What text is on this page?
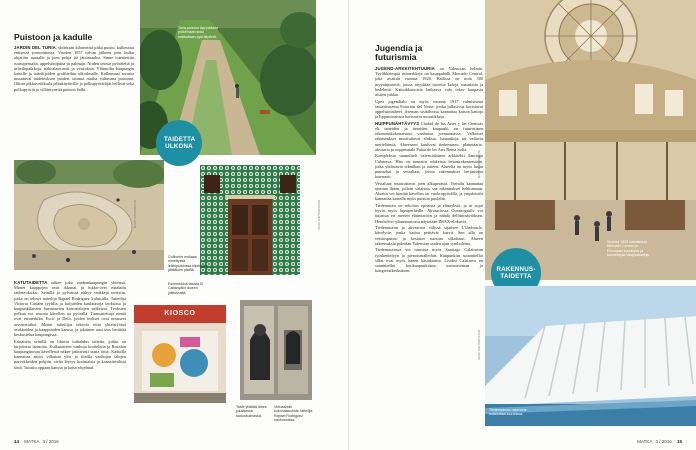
Puistoon ja kadulle

JARDÍN DEL TURIA, yhdeksän kilometriä pitkä puisto, kulkeutuu entisessä joenuomassa. Vuoden 1957 tulvan jälkeen joen kulku ohjattiin muualle ja joen pohja jäi jättömaaksi. Sinne toteutettiin ruusupensaita, appelsiinipuita ja palmuja. Niiden seassa pyöräteitä ja urheilupaikkoja, näköalaterassit ja veistoksia. Ylätasolta kaupungin katuille ja taiteilijoiden graffiteihin ulkoilmalle. Kulkumaat sorassa muuttuvat taideteoksen puiden, tainnut muilta valtavana puistona. Ohitse pikkuveikkuila jalkakäytäville ja polkupyöräilijät hellivät sekä polkupyöriä ja villiintyneitä puiston halki.

Turia-puiston läpi pääsee polkemaan koko matkaltaan pyöräilytietä.
TAIDETTA ULKONA
Gulliverin mukaan nimettyssä leikkipuistossa kiipeilijän jättiläisen päällä.
Esimerkkinä talosta El Cabanyalin alueen julkisivusta.

KATUTAIDETTA näkee joka vanhankaupungin yhteissä. Monet kauppojen ovat ikkunat ja lukko-ovet maalattu taideteoksiksi. Seinillä ja pylväissä näkyy vinkkejä teoksiin, jotka on tehnyt taiteilija Rapael Rodriguez kulutsalla. Taiteilija Victoria Cariaen tyylilla ja kurjueden kaulatasoja teoksissa ja kaupunkilaisten hurmaavien kerrostalojen sulkeissa. Teoksien polkua voi seurata kävellen tai pyörällä. Tunnustettuja nimiä ovat esimerkiksi Escif ja Deih, joiden teokset ovat nousseet arvostetuiksi. Monet taiteilijat tekevät töitä yhteistyössä asukkaiden ja kauppiaiden kanssa, ja jokainen uusi teos herättää keskustelua kaupungissa.

Erinäisiin seinillä on lihavia tuikahdus taiteita, joihin on kirjoitettu tarinoita. Kulkutaiteen vanhoja kortteleita ja Ruzafan kaupunginosaa kävellessä näkee jatkuvasti uusia töitä. Kaduilla kannattaa myös vilkaista ylös ja tiiailla vanhojen talojen parvekkeiden pohjiin, sieltä löytyy kotimaisia ja kansainvälisiä töitä. Tutustu oppaan kanssa ja katso ohjelmat.

KIOSCO
Taide yllättää lähes jokaisessa kadunkulmassa.
Virtuaalisiin kokonaisuuksiin taiteilija Rapael Rodriguez nautinnoissa.
KUVAT: ISTOCKPHOTO	KUVA: SHUTTERSTOCK
14 MATKA 3 / 2016
Jugendia ja futurismia

JUGEND-ARKKITEHTUURIA on Valencian helmiä. Tyylikkäimpiä esimerkkejä on kauppahalli Mercado Central, joka avattiin vuonna 1928. Hallissa on noin 300 myyntipistettä, joissa myydään tuoreita kaloja, mausteita ja hedelmiä. Kattoikkunoista lankeava valo tekee kaupasta aistien juhlaa.

Upea jugendtalo on myös vuonna 1917 valmistunut rautatieasema Estación del Norte, jonka julkisivua koristavat appelsiiniaiheet. Aseman sisätiloissa kannattaa katsoa kattoja ja lipputoimistoa koristavia mosaiikkeja.

HUIPPUNÄHTÄVYYS Ciudad de las Artes y las Ciencias eli taiteiden ja tieteiden kaupunki on futuristinen rakennuskokonaisuus vanhassa joenuomassa. Valkoiset rakennukset muistuttavat aluksia, luurankoja tai valtavia merieläimiä. Alueeseen kuuluvat tiedemuseo, planetaario, akvaario ja oopperatalo Palau de les Arts Reina Sofía.

Kompleksin suunnitteli valencialainen arkkitehti Santiago Calatrava. Hän on tunnettu rohkeista betonirakenteistaan, jotka yhdistävät tekniikan ja taiteen. Alueella on myös laajat puutarhat ja vesialtaat, joissa rakennukset heijastuvat komeasti.

Vesialtaat muistuttavat joen alkuperästä. Vierailu kannattaa ajoittaa iltaan, jolloin valaistus saa rakennukset hehkumaan. Aluetta voi kiertää kävellen tai vuokrapyörällä, ja ympäristöä kannattaa katsella myös puiston puolelta.

Tiedemuseo on sekoitus opetusta ja elämyksiä, ja se sopii hyvin myös lapsiperheille. Akvaariossa Oceanogràfic voi tutustua eri merien eläimistöön ja nähdä delfiininäytöksen. Hemisfèric-planetaariossa näytetään IMAX-elokuvia.

Tiedemuseon ja akvaarion välissä sijaitsee L'Umbracle, kävelytie, jonka kattoa peittävät kasvit. Sen alla on veistospuisto ja kesäisin suosittu ulkobaari. Alueen rakennuksia pidetään Valencian uuden ajan symboleina.

Tiedemuseossa voi tutustua myös Santiago Calatravan työskentelyyn ja pienoismalleihin. Kaupunkiin suunnitellut sillat ovat myös hänen käsialaansa. Lisäksi Calatrava on suunnitellut kotikaupunkiinsa metroaseman ja kongressikeskuksen.

Vuonna 1928 valmistunut Mercado Central on Euroopan suurimpia ja kauneimpia kauppahalleja.
RAKENNUS-TAIDETTA
Tiedemuseon rakennus muistuttaa luurankoa.
KUVAT: ISTOCKPHOTO
KUVA: SHUTTERSTOCK
MATKA 3 / 2016 15
